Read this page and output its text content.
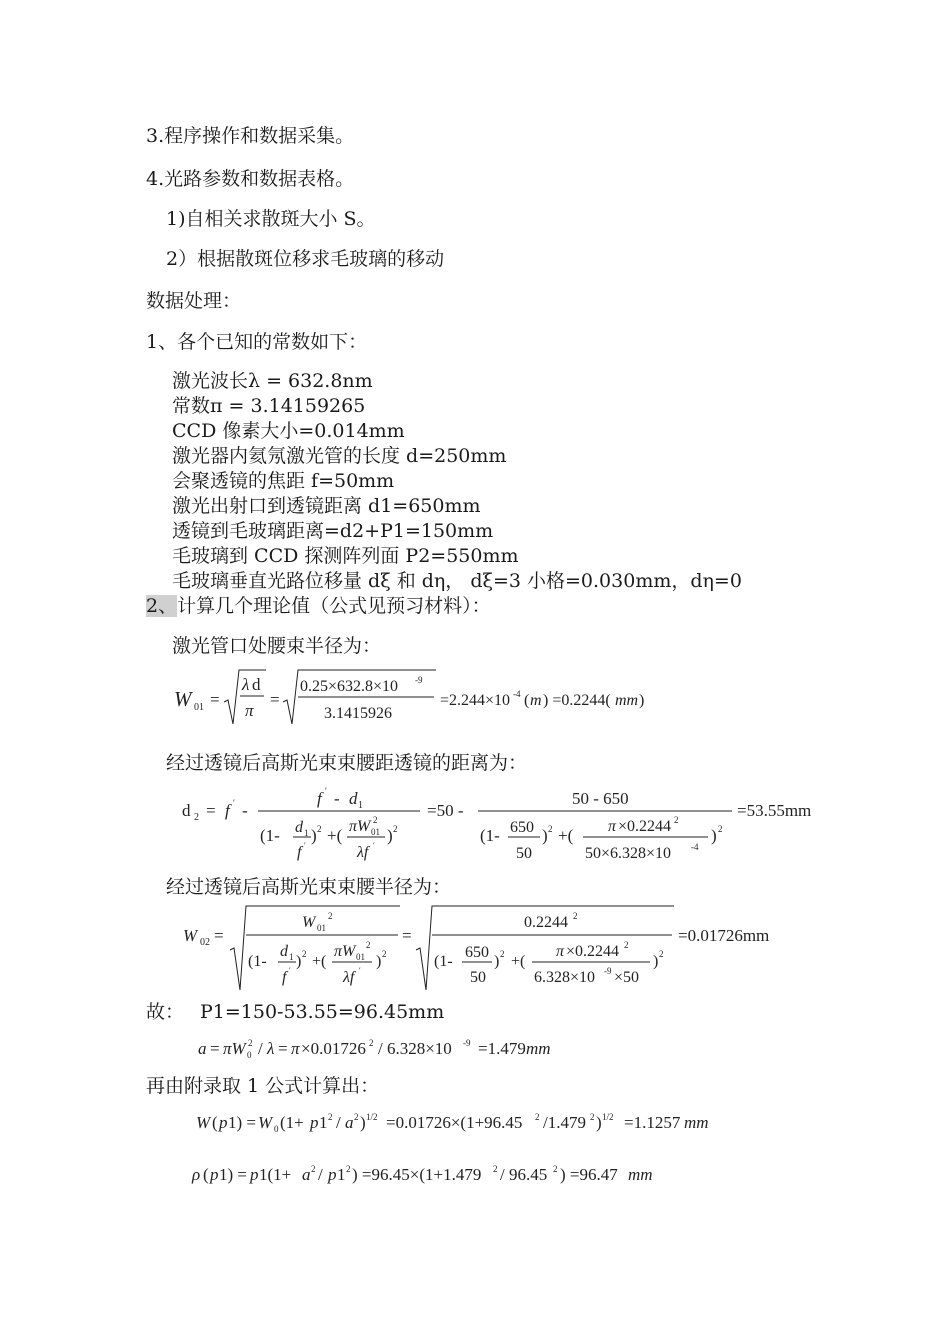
3.程序操作和数据采集。
4.光路参数和数据表格。
1)自相关求散斑大小 S。
2）根据散斑位移求毛玻璃的移动
数据处理：
1、各个已知的常数如下：
激光波长λ = 632.8nm
常数π = 3.14159265
CCD 像素大小=0.014mm
激光器内氦氖激光管的长度 d=250mm
会聚透镜的焦距 f=50mm
激光出射口到透镜距离 d1=650mm
透镜到毛玻璃距离=d2+P1=150mm
毛玻璃到 CCD 探测阵列面 P2=550mm
毛玻璃垂直光路位移量 dξ 和 dη， dξ=3 小格=0.030mm，dη=0
2、计算几个理论值（公式见预习材料）：
激光管口处腰束半径为：
W 01 =
λ d
π
=
0.25×632.8×10 -9
3.1415926
=2.244×10 -4 ( m ) =0.2244( mm )
经过透镜后高斯光束束腰距透镜的距离为：
d 2 = f ′ -
f ′ - d 1
(1- d 1
f ′
) 2 +( πW 01
2
λf ′
) 2
=50 -
50 - 650
(1- 650
50
) 2 +( π ×0.2244 2
50×6.328×10 -4
) 2
=53.55mm
经过透镜后高斯光束束腰半径为：
W 02 =
W 01
2
(1-
d 1
f ′
) 2 +(
πW 01
2
λf ′
) 2
=
0.2244 2
(1-
650
50
) 2 +(
π ×0.2244 2
6.328×10 -9 ×50
) 2
=0.01726mm
故： P1=150-53.55=96.45mm
a = πW 0
2 / λ = π ×0.01726 2 / 6.328×10 -9 =1.479 mm
再由附录取 1 公式计算出：
W ( p 1) = W 0 (1+ p 1 2 / a 2 ) 1/2 =0.01726×(1+96.45 2 /1.479 2 ) 1/2 =1.1257 mm
ρ ( p 1) = p 1(1+ a 2 / p 1 2 ) =96.45×(1+1.479 2 / 96.45 2 ) =96.47 mm
